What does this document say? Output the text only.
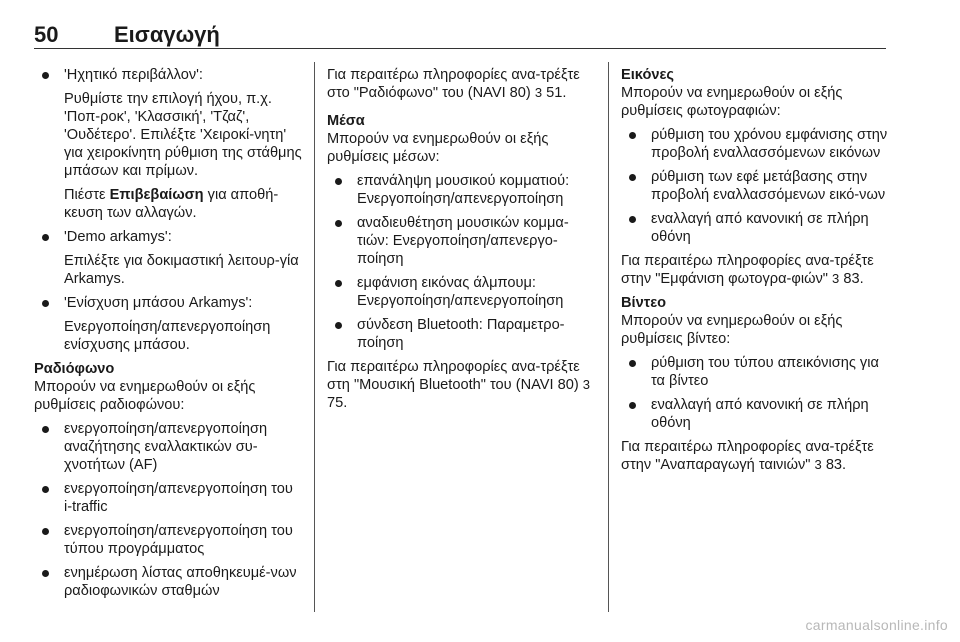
50	Εισαγωγή
'Ηχητικό περιβάλλον':
Ρυθμίστε την επιλογή ήχου, π.χ. 'Ποπ-ροκ', 'Κλασσική', 'Τζαζ', 'Ουδέτερο'. Επιλέξτε 'Χειροκί-νητη' για χειροκίνητη ρύθμιση της στάθμης μπάσων και πρίμων.
Πιέστε Επιβεβαίωση για αποθή-κευση των αλλαγών.
'Demo arkamys':
Επιλέξτε για δοκιμαστική λειτουρ-γία Arkamys.
'Ενίσχυση μπάσου Arkamys':
Ενεργοποίηση/απενεργοποίηση ενίσχυσης μπάσου.
Ραδιόφωνο
Μπορούν να ενημερωθούν οι εξής ρυθμίσεις ραδιοφώνου:
ενεργοποίηση/απενεργοποίηση αναζήτησης εναλλακτικών συ-χνοτήτων (AF)
ενεργοποίηση/απενεργοποίηση του i-traffic
ενεργοποίηση/απενεργοποίηση του τύπου προγράμματος
ενημέρωση λίστας αποθηκευμέ-νων ραδιοφωνικών σταθμών
Για περαιτέρω πληροφορίες ανα-τρέξτε στο "Ραδιόφωνο" του (NAVI 80) 3 51.
Μέσα
Μπορούν να ενημερωθούν οι εξής ρυθμίσεις μέσων:
επανάληψη μουσικού κομματιού: Ενεργοποίηση/απενεργοποίηση
αναδιευθέτηση μουσικών κομμα-τιών: Ενεργοποίηση/απενεργο-ποίηση
εμφάνιση εικόνας άλμπουμ: Ενεργοποίηση/απενεργοποίηση
σύνδεση Bluetooth: Παραμετρο-ποίηση
Για περαιτέρω πληροφορίες ανα-τρέξτε στη "Μουσική Bluetooth" του (NAVI 80) 3 75.
Εικόνες
Μπορούν να ενημερωθούν οι εξής ρυθμίσεις φωτογραφιών:
ρύθμιση του χρόνου εμφάνισης στην προβολή εναλλασσόμενων εικόνων
ρύθμιση των εφέ μετάβασης στην προβολή εναλλασσόμενων εικό-νων
εναλλαγή από κανονική σε πλήρη οθόνη
Για περαιτέρω πληροφορίες ανα-τρέξτε στην "Εμφάνιση φωτογρα-φιών" 3 83.
Βίντεο
Μπορούν να ενημερωθούν οι εξής ρυθμίσεις βίντεο:
ρύθμιση του τύπου απεικόνισης για τα βίντεο
εναλλαγή από κανονική σε πλήρη οθόνη
Για περαιτέρω πληροφορίες ανα-τρέξτε στην "Αναπαραγωγή ταινιών" 3 83.
carmanualsonline.info
